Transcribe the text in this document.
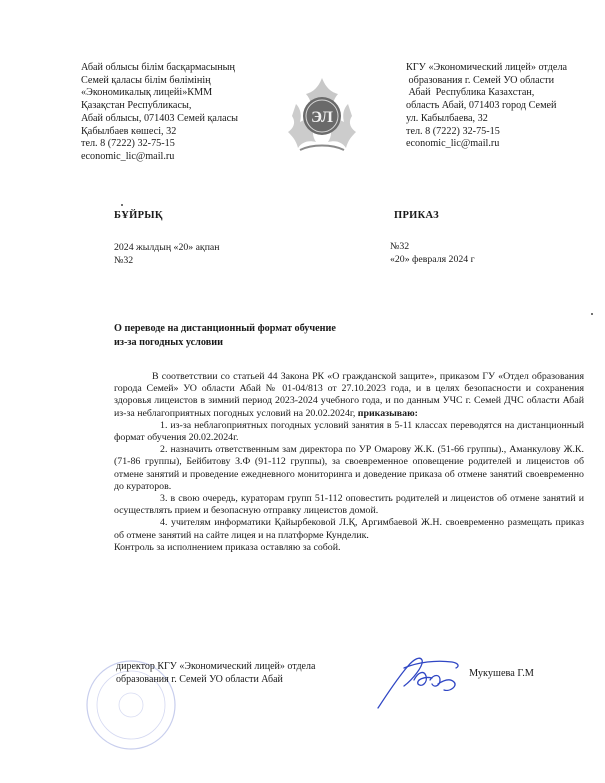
Абай облысы білім басқармасының
Семей қаласы білім бөлімінің
«Экономикалық лицейі»КММ
Қазақстан Республикасы,
Абай облысы, 071403 Семей қаласы
Қабылбаев көшесі, 32
тел. 8 (7222) 32-75-15
economic_lic@mail.ru
ЭЛ
КГУ «Экономический лицей» отдела
образования г. Семей УО области
Абай  Республика Казахстан,
область Абай, 071403 город Семей
ул. Кабылбаева, 32
тел. 8 (7222) 32-75-15
economic_lic@mail.ru
БҰЙРЫҚ	ПРИКАЗ
2024 жылдың «20» ақпан
№32
№32
«20» февраля 2024 г
О переводе на дистанционный формат обучение
из-за погодных условии

В соответствии со статьей 44 Закона РК «О гражданской защите», приказом ГУ «Отдел образования города Семей» УО области Абай № 01-04/813 от 27.10.2023 года, и в целях безопасности и сохранения здоровья лицеистов в зимний период 2023-2024 учебного года, и по данным УЧС г. Семей ДЧС области Абай из-за неблагоприятных погодных условий на 20.02.2024г, приказываю:

1. из-за неблагоприятных погодных условий занятия в 5-11 классах переводятся на дистанционный формат обучения 20.02.2024г.

2. назначить ответственным зам директора по УР Омарову Ж.К. (51-66 группы)., Аманкулову Ж.К. (71-86 группы), Бейбитову З.Ф (91-112 группы), за своевременное оповещение родителей и лицеистов об отмене занятий и проведение ежедневного мониторинга и доведение приказа об отмене занятий своевременно до кураторов.

3. в свою очередь, кураторам групп 51-112 оповестить родителей и лицеистов об отмене занятий и осуществлять прием и безопасную отправку лицеистов домой.

4. учителям информатики Қайырбековой Л.Қ, Аргимбаевой Ж.Н. своевременно размещать приказ об отмене занятий на сайте лицея и на платформе Кунделик.

Контроль за исполнением приказа оставляю за собой.

директор КГУ «Экономический лицей» отдела
образования г. Семей УО области Абай
Мукушева Г.М
